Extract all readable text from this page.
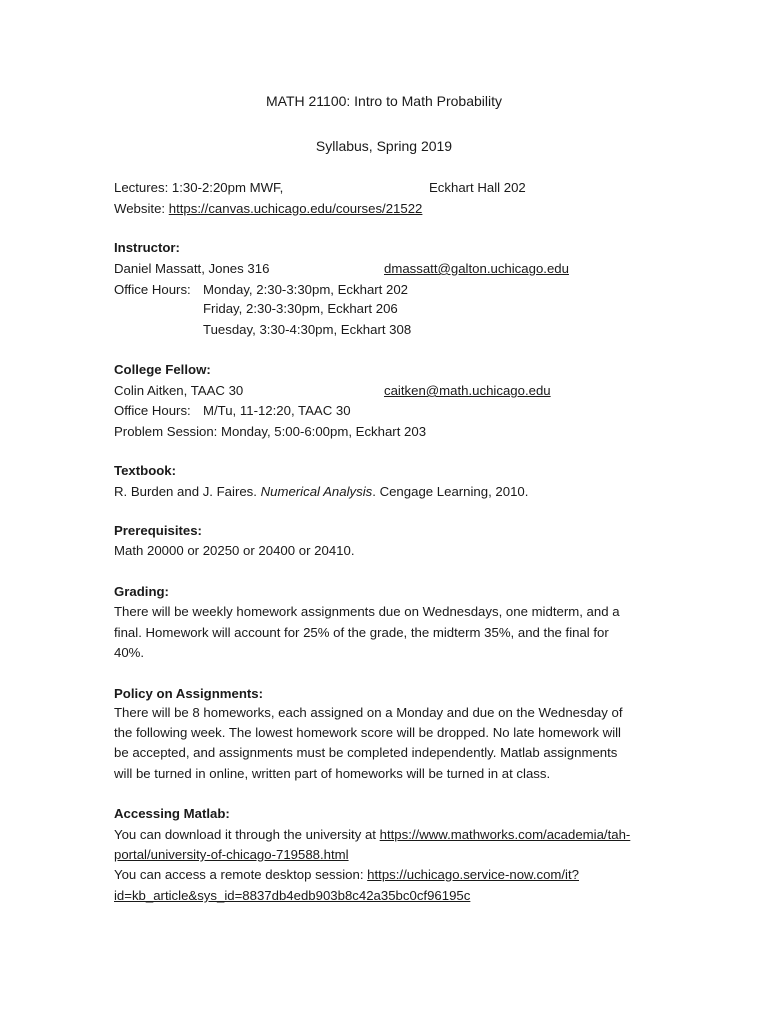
MATH 21100: Intro to Math Probability
Syllabus, Spring 2019
Lectures: 1:30-2:20pm MWF,	Eckhart Hall 202
Website: https://canvas.uchicago.edu/courses/21522
Instructor:
Daniel Massatt, Jones 316	dmassatt@galton.uchicago.edu
Office Hours: Monday, 2:30-3:30pm, Eckhart 202
Friday, 2:30-3:30pm, Eckhart 206
Tuesday, 3:30-4:30pm, Eckhart 308
College Fellow:
Colin Aitken, TAAC 30	caitken@math.uchicago.edu
Office Hours: M/Tu, 11-12:20, TAAC 30
Problem Session: Monday, 5:00-6:00pm, Eckhart 203
Textbook:
R. Burden and J. Faires. Numerical Analysis. Cengage Learning, 2010.
Prerequisites:
Math 20000 or 20250 or 20400 or 20410.
Grading:
There will be weekly homework assignments due on Wednesdays, one midterm, and a
final. Homework will account for 25% of the grade, the midterm 35%, and the final for
40%.
Policy on Assignments:
There will be 8 homeworks, each assigned on a Monday and due on the Wednesday of
the following week. The lowest homework score will be dropped. No late homework will
be accepted, and assignments must be completed independently. Matlab assignments
will be turned in online, written part of homeworks will be turned in at class.
Accessing Matlab:
You can download it through the university at https://www.mathworks.com/academia/tah-
portal/university-of-chicago-719588.html
You can access a remote desktop session: https://uchicago.service-now.com/it?
id=kb_article&sys_id=8837db4edb903b8c42a35bc0cf96195c
